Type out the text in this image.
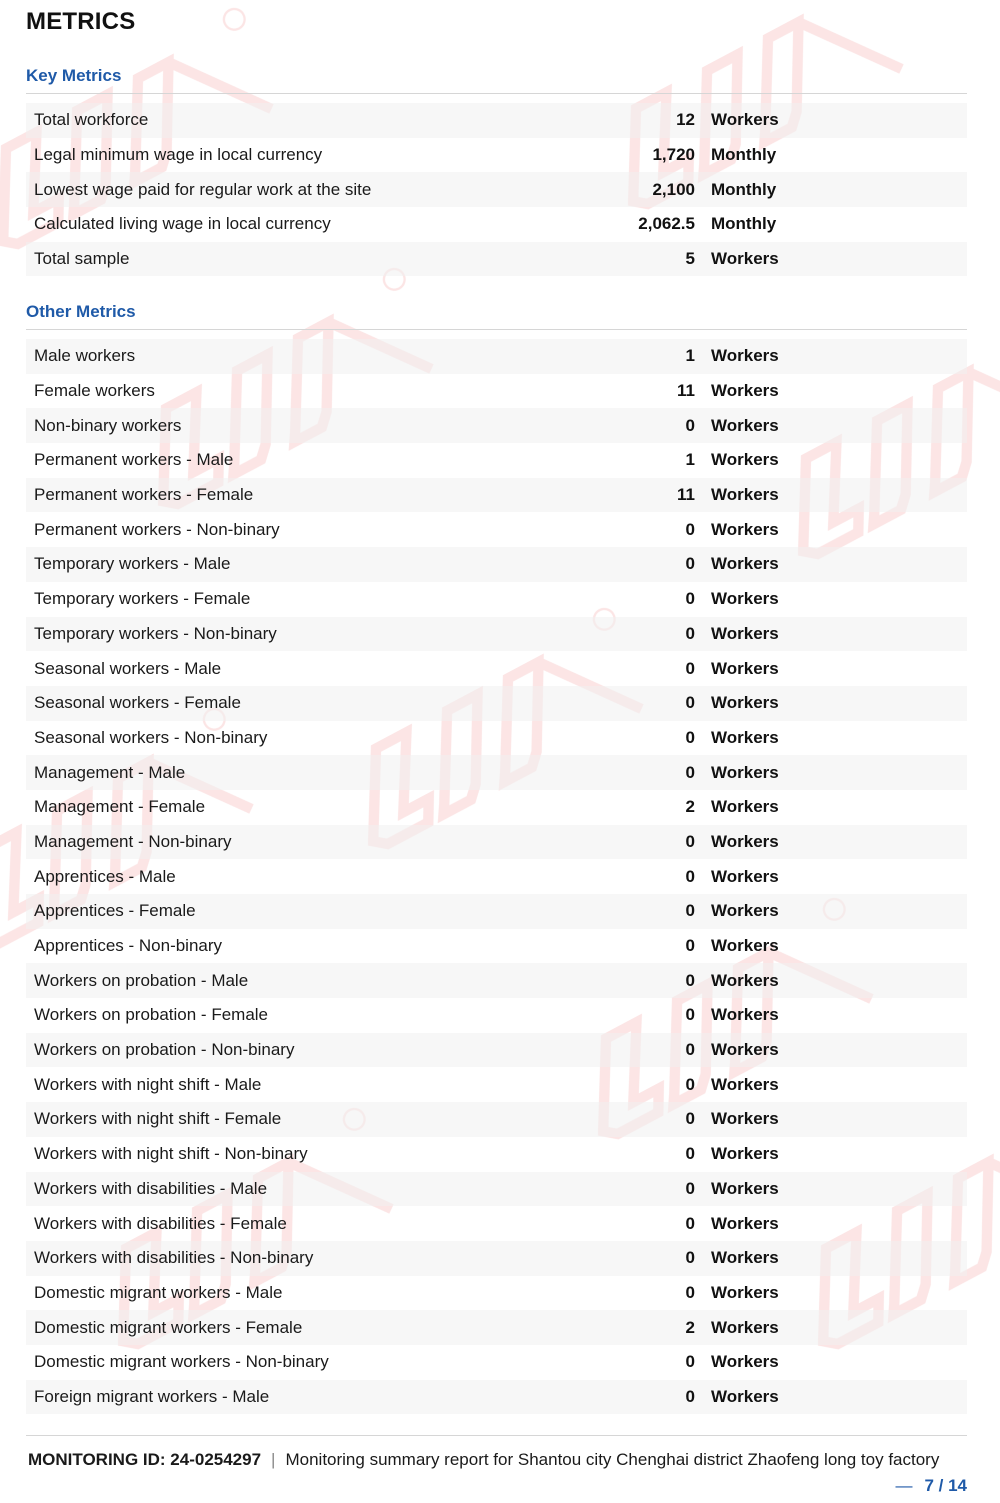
METRICS
Key Metrics
Total workforce	12 Workers
Legal minimum wage in local currency	1,720 Monthly
Lowest wage paid for regular work at the site	2,100 Monthly
Calculated living wage in local currency	2,062.5 Monthly
Total sample	5 Workers
Other Metrics
Male workers	1 Workers
Female workers	11 Workers
Non-binary workers	0 Workers
Permanent workers - Male	1 Workers
Permanent workers - Female	11 Workers
Permanent workers - Non-binary	0 Workers
Temporary workers - Male	0 Workers
Temporary workers - Female	0 Workers
Temporary workers - Non-binary	0 Workers
Seasonal workers - Male	0 Workers
Seasonal workers - Female	0 Workers
Seasonal workers - Non-binary	0 Workers
Management - Male	0 Workers
Management - Female	2 Workers
Management - Non-binary	0 Workers
Apprentices - Male	0 Workers
Apprentices - Female	0 Workers
Apprentices - Non-binary	0 Workers
Workers on probation - Male	0 Workers
Workers on probation - Female	0 Workers
Workers on probation - Non-binary	0 Workers
Workers with night shift - Male	0 Workers
Workers with night shift - Female	0 Workers
Workers with night shift - Non-binary	0 Workers
Workers with disabilities - Male	0 Workers
Workers with disabilities - Female	0 Workers
Workers with disabilities - Non-binary	0 Workers
Domestic migrant workers - Male	0 Workers
Domestic migrant workers - Female	2 Workers
Domestic migrant workers - Non-binary	0 Workers
Foreign migrant workers - Male	0 Workers
MONITORING ID: 24-0254297 | Monitoring summary report for Shantou city Chenghai district Zhaofeng long toy factory
— 7 / 14
